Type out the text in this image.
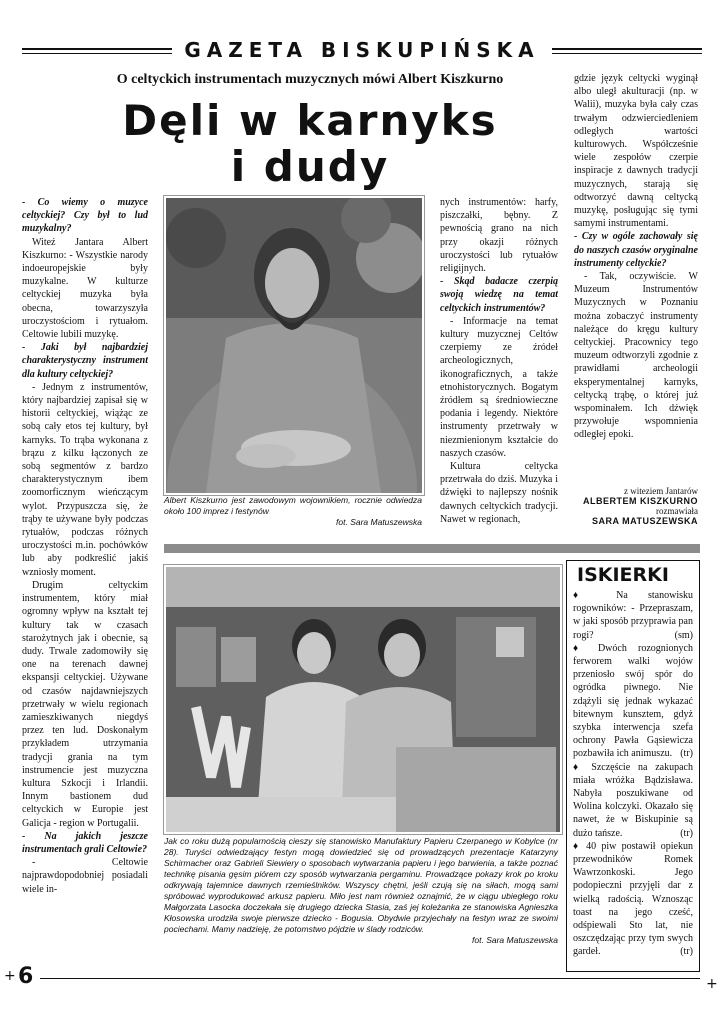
GAZETA BISKUPIŃSKA
O celtyckich instrumentach muzycznych mówi Albert Kiszkurno
Dęli w karnyks
i dudy

gdzie język celtycki wyginął albo uległ akulturacji (np. w Walii), muzyka była cały czas trwałym odzwierciedleniem odległych wartości kulturowych. Współcześnie wiele zespołów czerpie inspiracje z dawnych tradycji muzycznych, starają się odtworzyć dawną celtycką muzykę, posługując się tymi samymi instrumentami.

- Czy w ogóle zachowały się do naszych czasów oryginalne instrumenty celtyckie?

- Tak, oczywiście. W Muzeum Instrumentów Muzycznych w Poznaniu można zobaczyć instrumenty należące do kręgu kultury celtyckiej. Pracownicy tego muzeum odtworzyli zgodnie z prawidłami archeologii eksperymentalnej karnyks, celtycką trąbę, o której już wspominałem. Ich dźwięk przywołuje wspomnienia odległej epoki.

z witeziem Jantarów
ALBERTEM KISZKURNO
rozmawiała
SARA MATUSZEWSKA

- Co wiemy o muzyce celtyckiej? Czy był to lud muzykalny?

Witeź Jantara Albert Kiszkurno: - Wszystkie narody indoeuropejskie były muzykalne. W kulturze celtyckiej muzyka była obecna, towarzyszyła uroczystościom i rytuałom. Celtowie lubili muzykę.

- Jaki był najbardziej charakterystyczny instrument dla kultury celtyckiej?

- Jednym z instrumentów, który najbardziej zapisał się w historii celtyckiej, wiążąc ze sobą cały etos tej kultury, był karnyks. To trąba wykonana z brązu z kilku łączonych ze sobą segmentów z bardzo charakterystycznym ibem zoomorficznym wieńczącym wylot. Przypuszcza się, że trąby te używane były podczas rytuałów, podczas różnych uroczystości m.in. pochówków lub aby podkreślić jakiś wzniosły moment.

Drugim celtyckim instrumentem, który miał ogromny wpływ na kształt tej kultury tak w czasach starożytnych jak i obecnie, są dudy. Trwale zadomowiły się one na terenach dawnej ekspansji celtyckiej. Używane od czasów najdawniejszych przetrwały w wielu regionach zamieszkiwanych niegdyś przez ten lud. Doskonałym przykładem utrzymania tradycji grania na tym instrumencie jest muzyczna kultura Szkocji i Irlandii. Innym bastionem dud celtyckich w Europie jest Galicja - region w Portugalii.

- Na jakich jeszcze instrumentach grali Celtowie?

- Celtowie najprawdopodobniej posiadali wiele in-

Albert Kiszkurno jest zawodowym wojownikiem, rocznie odwiedza około 100 imprez i festynów
fot. Sara Matuszewska

nych instrumentów: harfy, piszczałki, bębny. Z pewnością grano na nich przy okazji różnych uroczystości lub rytuałów religijnych.

- Skąd badacze czerpią swoją wiedzę na temat celtyckich instrumentów?

- Informacje na temat kultury muzycznej Celtów czerpiemy ze źródeł archeologicznych, ikonograficznych, a także etnohistorycznych. Bogatym źródłem są średniowieczne podania i legendy. Niektóre instrumenty przetrwały w niezmienionym kształcie do naszych czasów.

Kultura celtycka przetrwała do dziś. Muzyka i dźwięki to najlepszy nośnik dawnych celtyckich tradycji. Nawet w regionach,

Jak co roku dużą popularnością cieszy się stanowisko Manufaktury Papieru Czerpanego w Kobylce (nr 28). Turyści odwiedzający festyn mogą dowiedzieć się od prowadzących prezentacje Katarzyny Schirmacher oraz Gabrieli Siewiery o sposobach wytwarzania papieru i jego barwienia, a także poznać technikę pisania gęsim piórem czy sposób wytwarzania pergaminu. Prowadzące pokazy krok po kroku odkrywają tajemnice dawnych rzemieślników. Wszyscy chętni, jeśli czują się na siłach, mogą sami spróbować wyprodukować arkusz papieru. Miło jest nam również oznajmić, że w ciągu ubiegłego roku Małgorzata Lasocka doczekała się drugiego dziecka Stasia, zaś jej koleżanka ze stanowiska Agnieszka Kłosowska urodziła swoje pierwsze dziecko - Bogusia. Obydwie przyjechały na festyn wraz ze swoimi pociechami. Mamy nadzieję, że potomstwo pójdzie w ślady rodziców.
fot. Sara Matuszewska
ISKIERKI

♦ Na stanowisku rogowników: - Przepraszam, w jaki sposób przyprawia pan rogi?	(sm)

♦ Dwóch rozognionych ferworem walki wojów przeniosło swój spór do ogródka piwnego. Nie zdążyli się jednak wykazać bitewnym kunsztem, gdyż szybka interwencja szefa ochrony Pawła Gąsiewicza pozbawiła ich animuszu. (tr)

♦ Szczęście na zakupach miała wróżka Bądzisława. Nabyła poszukiwane od Wolina kolczyki. Okazało się nawet, że w Biskupinie są dużo tańsze.	(tr)

♦ 40 piw postawił opiekun przewodników Romek Wawrzonkoski. Jego podopieczni przyjęli dar z wielką radością. Wznosząc toast na jego cześć, odśpiewali Sto lat, nie oszczędzając przy tym swych gardeł.	(tr)

+ 6	+
